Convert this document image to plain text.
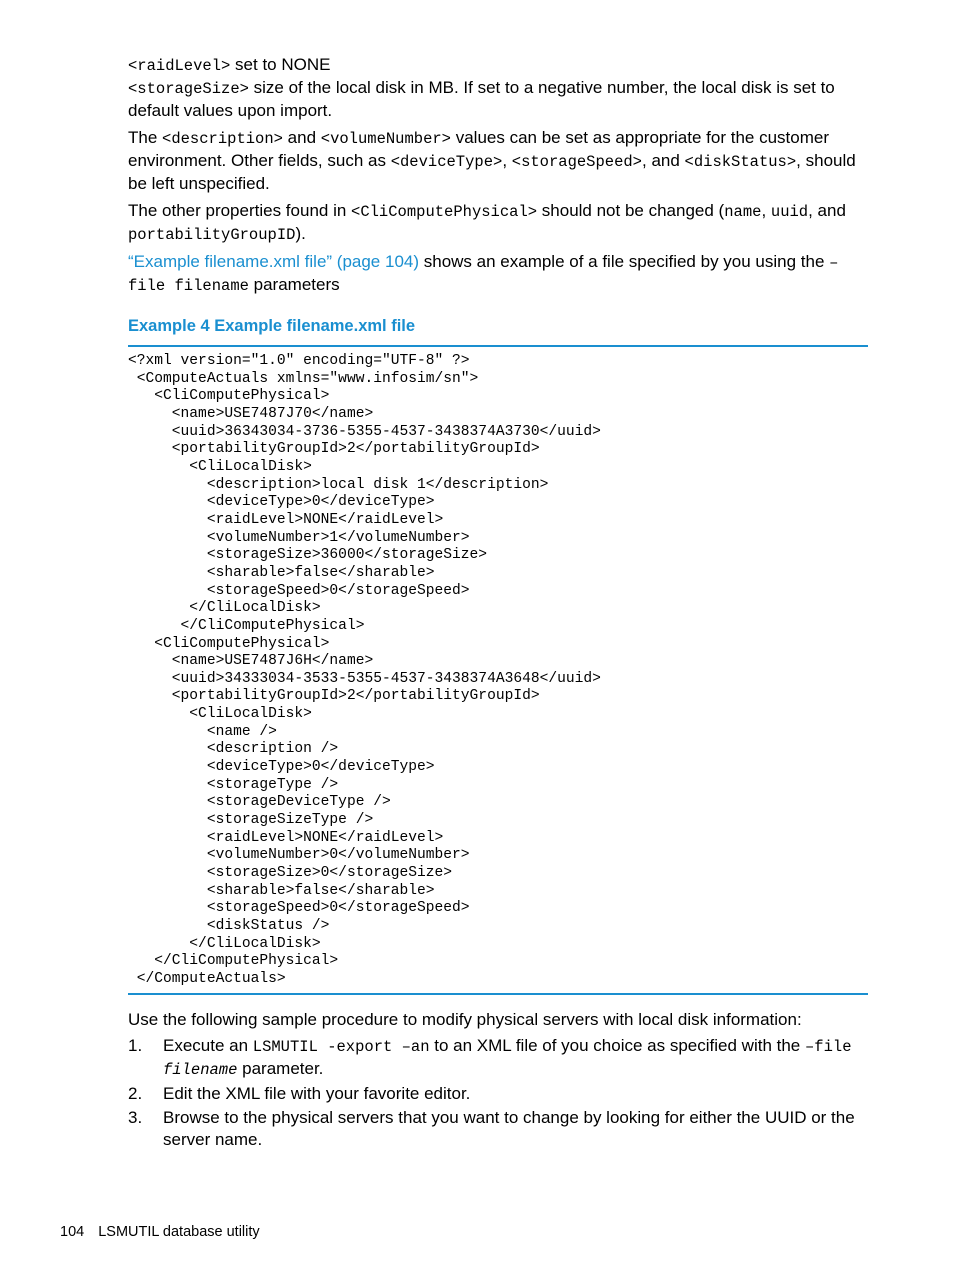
<raidLevel> set to NONE

<storageSize> size of the local disk in MB. If set to a negative number, the local disk is set to default values upon import.

The <description> and <volumeNumber> values can be set as appropriate for the customer environment. Other fields, such as <deviceType>, <storageSpeed>, and <diskStatus>, should be left unspecified.

The other properties found in <CliComputePhysical> should not be changed (name, uuid, and portabilityGroupID).

“Example filename.xml file” (page 104) shows an example of a file specified by you using the –file filename parameters

Example 4 Example filename.xml file
<?xml version="1.0" encoding="UTF-8" ?>
<ComputeActuals xmlns="www.infosim/sn">
<CliComputePhysical>
<name>USE7487J70</name>
<uuid>36343034-3736-5355-4537-3438374A3730</uuid>
<portabilityGroupId>2</portabilityGroupId>
<CliLocalDisk>
<description>local disk 1</description>
<deviceType>0</deviceType>
<raidLevel>NONE</raidLevel>
<volumeNumber>1</volumeNumber>
<storageSize>36000</storageSize>
<sharable>false</sharable>
<storageSpeed>0</storageSpeed>
</CliLocalDisk>
</CliComputePhysical>
<CliComputePhysical>
<name>USE7487J6H</name>
<uuid>34333034-3533-5355-4537-3438374A3648</uuid>
<portabilityGroupId>2</portabilityGroupId>
<CliLocalDisk>
<name />
<description />
<deviceType>0</deviceType>
<storageType />
<storageDeviceType />
<storageSizeType />
<raidLevel>NONE</raidLevel>
<volumeNumber>0</volumeNumber>
<storageSize>0</storageSize>
<sharable>false</sharable>
<storageSpeed>0</storageSpeed>
<diskStatus />
</CliLocalDisk>
</CliComputePhysical>
</ComputeActuals>

Use the following sample procedure to modify physical servers with local disk information:

1. Execute an LSMUTIL -export –an to an XML file of you choice as specified with the –file filename parameter.
2. Edit the XML file with your favorite editor.
3. Browse to the physical servers that you want to change by looking for either the UUID or the server name.
104 LSMUTIL database utility
